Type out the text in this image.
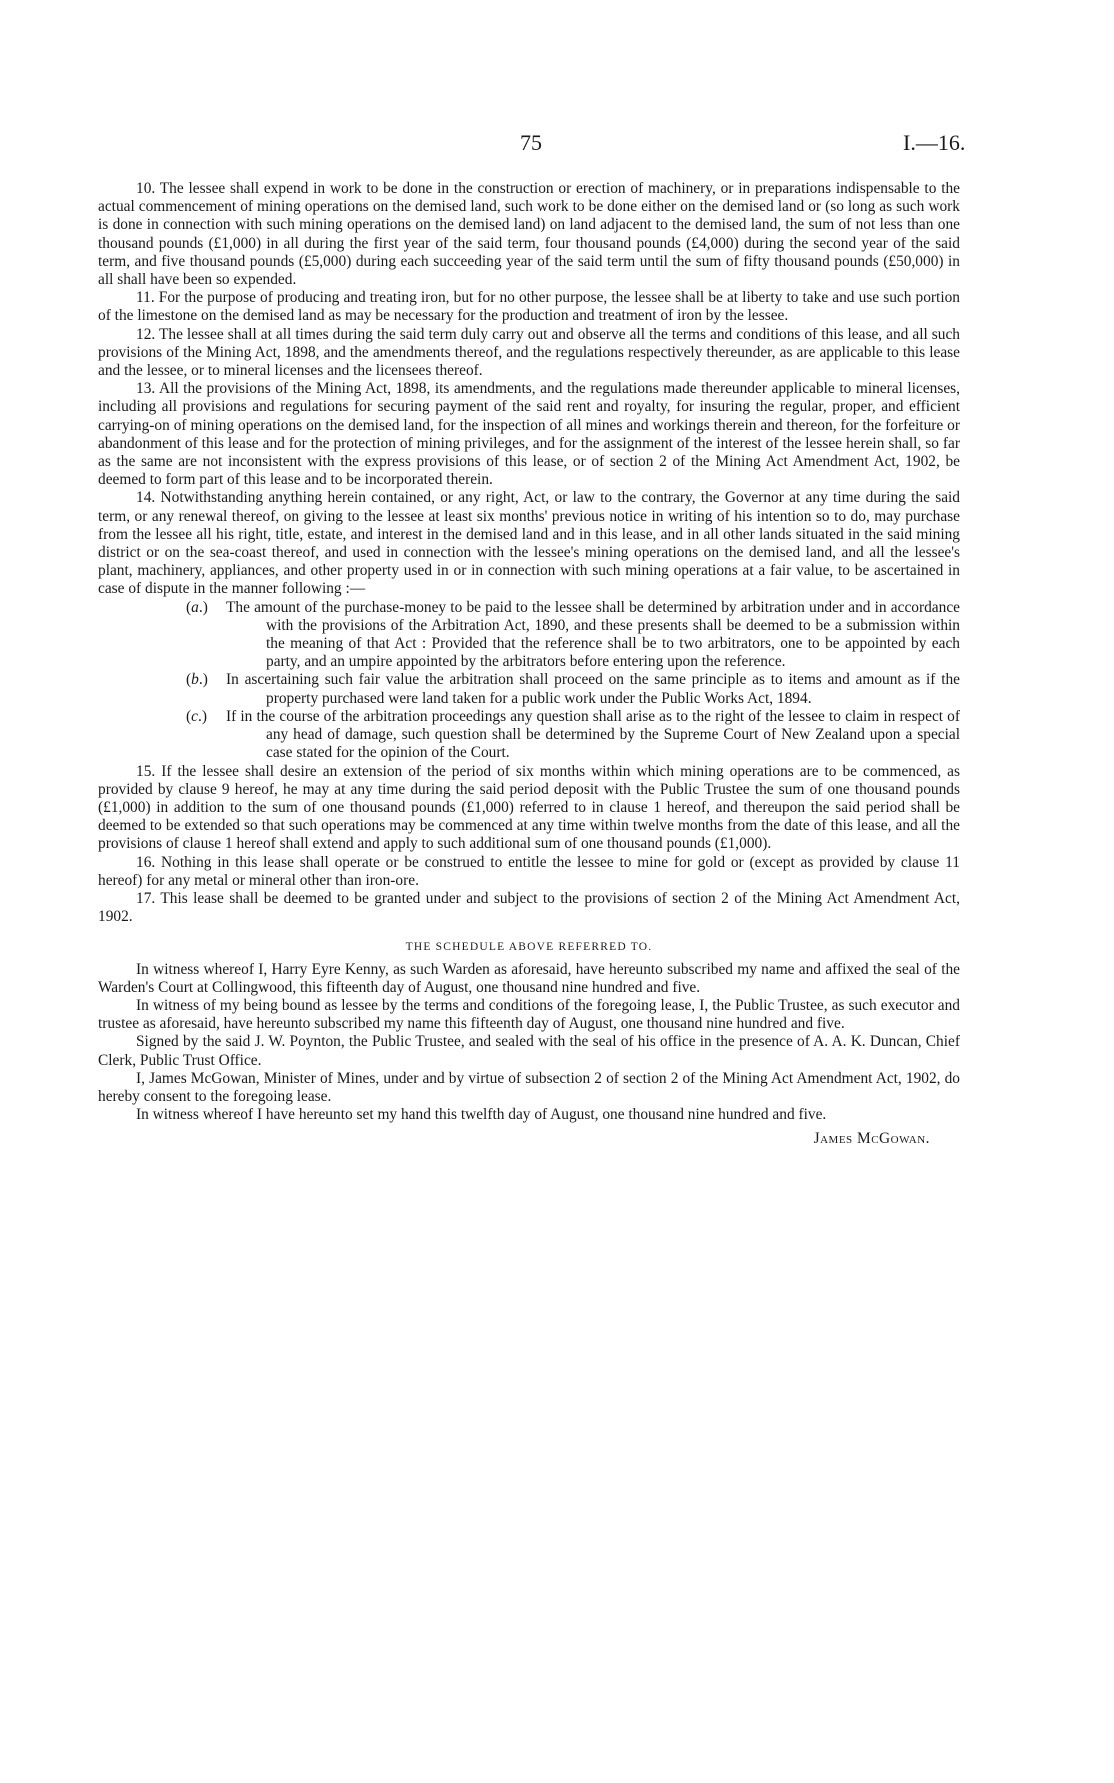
75	I.—16.

10. The lessee shall expend in work to be done in the construction or erection of machinery, or in preparations indispensable to the actual commencement of mining operations on the demised land, such work to be done either on the demised land or (so long as such work is done in connection with such mining operations on the demised land) on land adjacent to the demised land, the sum of not less than one thousand pounds (£1,000) in all during the first year of the said term, four thousand pounds (£4,000) during the second year of the said term, and five thousand pounds (£5,000) during each succeeding year of the said term until the sum of fifty thousand pounds (£50,000) in all shall have been so expended.

11. For the purpose of producing and treating iron, but for no other purpose, the lessee shall be at liberty to take and use such portion of the limestone on the demised land as may be necessary for the production and treatment of iron by the lessee.

12. The lessee shall at all times during the said term duly carry out and observe all the terms and conditions of this lease, and all such provisions of the Mining Act, 1898, and the amendments thereof, and the regulations respectively thereunder, as are applicable to this lease and the lessee, or to mineral licenses and the licensees thereof.

13. All the provisions of the Mining Act, 1898, its amendments, and the regulations made thereunder applicable to mineral licenses, including all provisions and regulations for securing payment of the said rent and royalty, for insuring the regular, proper, and efficient carrying-on of mining operations on the demised land, for the inspection of all mines and workings therein and thereon, for the forfeiture or abandonment of this lease and for the protection of mining privileges, and for the assignment of the interest of the lessee herein shall, so far as the same are not inconsistent with the express provisions of this lease, or of section 2 of the Mining Act Amendment Act, 1902, be deemed to form part of this lease and to be incorporated therein.

14. Notwithstanding anything herein contained, or any right, Act, or law to the contrary, the Governor at any time during the said term, or any renewal thereof, on giving to the lessee at least six months' previous notice in writing of his intention so to do, may purchase from the lessee all his right, title, estate, and interest in the demised land and in this lease, and in all other lands situated in the said mining district or on the sea-coast thereof, and used in connection with the lessee's mining operations on the demised land, and all the lessee's plant, machinery, appliances, and other property used in or in connection with such mining operations at a fair value, to be ascertained in case of dispute in the manner following :—

(a.) The amount of the purchase-money to be paid to the lessee shall be determined by arbitration under and in accordance with the provisions of the Arbitration Act, 1890, and these presents shall be deemed to be a submission within the meaning of that Act : Provided that the reference shall be to two arbitrators, one to be appointed by each party, and an umpire appointed by the arbitrators before entering upon the reference.

(b.) In ascertaining such fair value the arbitration shall proceed on the same principle as to items and amount as if the property purchased were land taken for a public work under the Public Works Act, 1894.

(c.) If in the course of the arbitration proceedings any question shall arise as to the right of the lessee to claim in respect of any head of damage, such question shall be determined by the Supreme Court of New Zealand upon a special case stated for the opinion of the Court.

15. If the lessee shall desire an extension of the period of six months within which mining operations are to be commenced, as provided by clause 9 hereof, he may at any time during the said period deposit with the Public Trustee the sum of one thousand pounds (£1,000) in addition to the sum of one thousand pounds (£1,000) referred to in clause 1 hereof, and thereupon the said period shall be deemed to be extended so that such operations may be commenced at any time within twelve months from the date of this lease, and all the provisions of clause 1 hereof shall extend and apply to such additional sum of one thousand pounds (£1,000).

16. Nothing in this lease shall operate or be construed to entitle the lessee to mine for gold or (except as provided by clause 11 hereof) for any metal or mineral other than iron-ore.

17. This lease shall be deemed to be granted under and subject to the provisions of section 2 of the Mining Act Amendment Act, 1902.

THE SCHEDULE ABOVE REFERRED TO.

In witness whereof I, Harry Eyre Kenny, as such Warden as aforesaid, have hereunto subscribed my name and affixed the seal of the Warden's Court at Collingwood, this fifteenth day of August, one thousand nine hundred and five.

In witness of my being bound as lessee by the terms and conditions of the foregoing lease, I, the Public Trustee, as such executor and trustee as aforesaid, have hereunto subscribed my name this fifteenth day of August, one thousand nine hundred and five.

Signed by the said J. W. Poynton, the Public Trustee, and sealed with the seal of his office in the presence of A. A. K. Duncan, Chief Clerk, Public Trust Office.

I, James McGowan, Minister of Mines, under and by virtue of subsection 2 of section 2 of the Mining Act Amendment Act, 1902, do hereby consent to the foregoing lease.

In witness whereof I have hereunto set my hand this twelfth day of August, one thousand nine hundred and five.

James McGowan.
